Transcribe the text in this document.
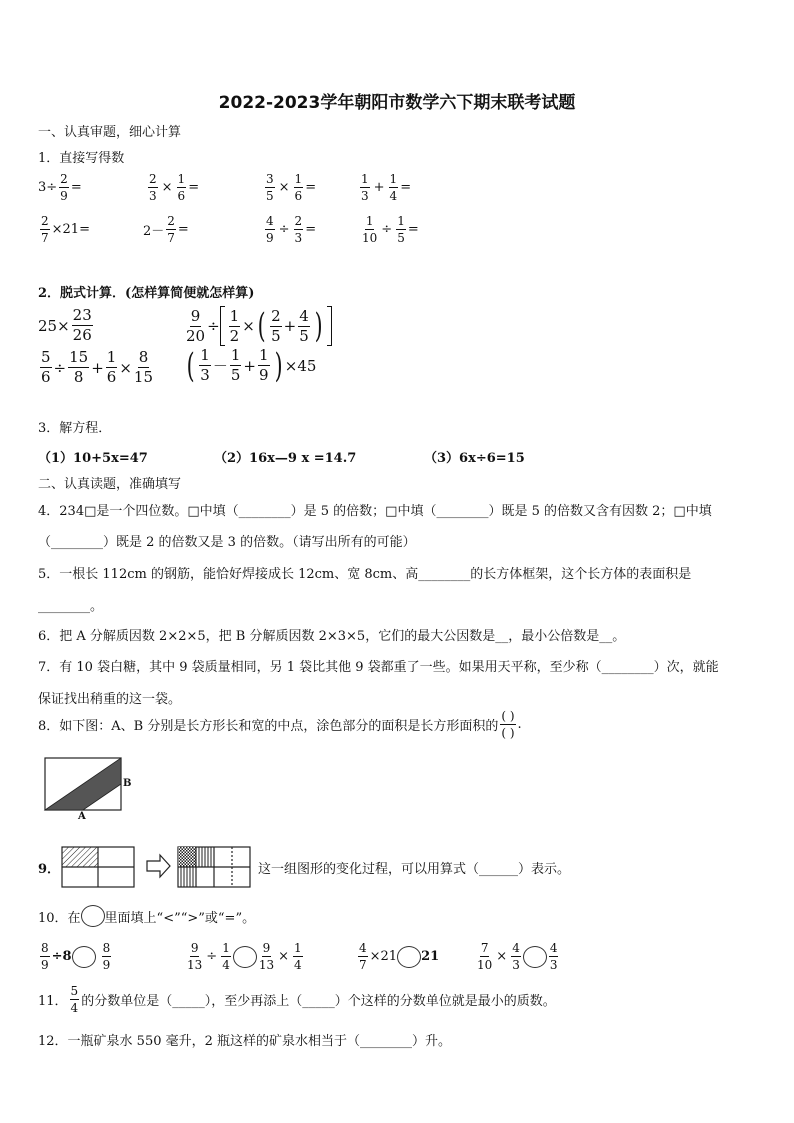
2022-2023学年朝阳市数学六下期末联考试题
一、认真审题，细心计算
1．直接写得数
$3\div \frac{2}{9}$ =	$\frac{2}{3} \times \frac{1}{6}$ =	$\frac{3}{5} \times \frac{1}{6}$ =	$\frac{1}{3} + \frac{1}{4}$ =
$\frac{2}{7} \times 21=$	$2- \frac{2}{7}$ =	$\frac{4}{9} \div \frac{2}{3}$ =	$\frac{1}{10} \div \frac{1}{5}$ =
2．脱式计算．(怎样算简便就怎样算)
$25\times \frac{23}{26}$	$\frac{9}{20} \div \frac{1}{2}$ × ( $\frac{2}{5} + \frac{4}{5}$ )
$\frac{5}{6} \div \frac{15}{8} + \frac{1}{6} \times \frac{8}{15}$ ( $\frac{1}{3} - \frac{1}{5} + \frac{1}{9}$ ) ×45
3．解方程．
（1）10+5x=47	（2）16x—9 x =14.7	（3）6x÷6=15
二、认真读题，准确填写
4．234□是一个四位数。□中填（________）是 5 的倍数；□中填（________）既是 5 的倍数又含有因数 2；□中填
（________）既是 2 的倍数又是 3 的倍数。（请写出所有的可能）
5．一根长 112cm 的钢筋，能恰好焊接成长 12cm、宽 8cm、高________的长方体框架，这个长方体的表面积是
________。
6．把 A 分解质因数 2×2×5，把 B 分解质因数 2×3×5，它们的最大公因数是__，最小公倍数是__。
7．有 10 袋白糖，其中 9 袋质量相同，另 1 袋比其他 9 袋都重了一些。如果用天平称，至少称（________）次，就能
保证找出稍重的这一袋。
8．如下图：A、B 分别是长方形长和宽的中点，涂色部分的面积是长方形面积的 $\frac{( )}{( )}$ .
B
A
9．	这一组图形的变化过程，可以用算式（______）表示。
10．在 里面填上“<”“>”或“=”。
$\frac{8}{9} \div 8$	$\frac{8}{9}$	$\frac{9}{13} \div \frac{1}{4} \frac{9}{13} \times \frac{1}{4}$	$\frac{4}{7} \times 21$ 21	$\frac{7}{10} \times \frac{4}{3} \frac{4}{3}$
11． $\frac{5}{4}$ 的分数单位是（_____），至少再添上（_____）个这样的分数单位就是最小的质数。
12．一瓶矿泉水 550 毫升，2 瓶这样的矿泉水相当于（________）升。
